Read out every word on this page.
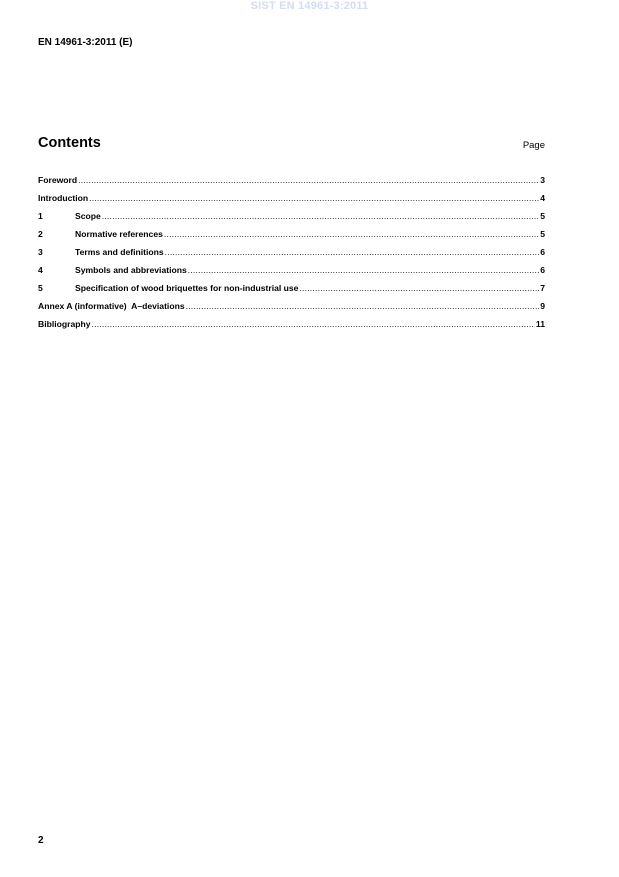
SIST EN 14961-3:2011
EN 14961-3:2011 (E)
Contents	Page
Foreword .....	3
Introduction .....	4
1	Scope .....	5
2	Normative references .....	5
3	Terms and definitions .....	6
4	Symbols and abbreviations .....	6
5	Specification of wood briquettes for non-industrial use .....	7
Annex A (informative)  A–deviations .....	9
Bibliography .....	11
2
